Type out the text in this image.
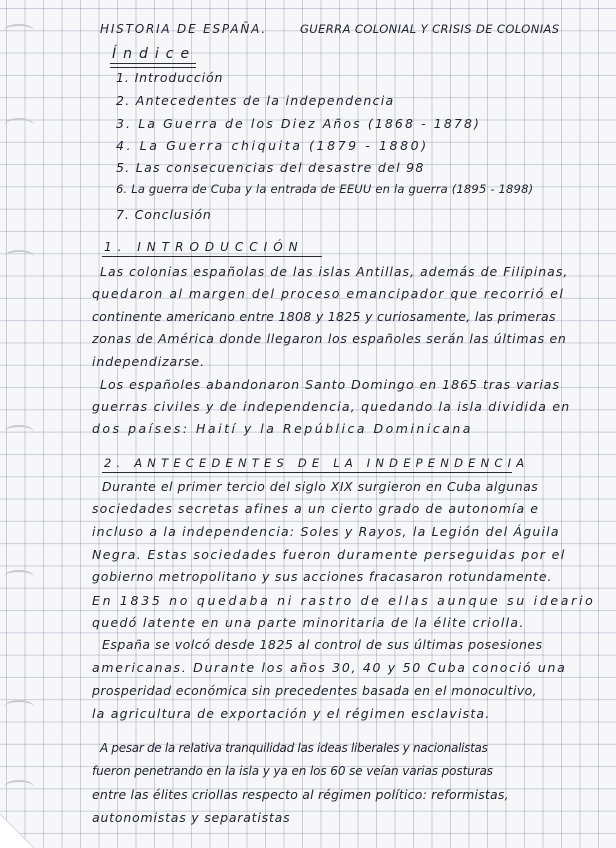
HISTORIA DE ESPAÑA.	GUERRA COLONIAL Y CRISIS DE COLONIAS
Índice
1. Introducción
2. Antecedentes de la independencia
3. La Guerra de los Diez Años (1868 - 1878)
4. La Guerra chiquita (1879 - 1880)
5. Las consecuencias del desastre del 98
6. La guerra de Cuba y la entrada de EEUU en la guerra (1895 - 1898)
7. Conclusión
1. INTRODUCCIÓN
Las colonias españolas de las islas Antillas, además de Filipinas,
quedaron al margen del proceso emancipador que recorrió el
continente americano entre 1808 y 1825 y curiosamente, las primeras
zonas de América donde llegaron los españoles serán las últimas en
independizarse.
Los españoles abandonaron Santo Domingo en 1865 tras varias
guerras civiles y de independencia, quedando la isla dividida en
dos países: Haití y la República Dominicana
2. ANTECEDENTES DE LA INDEPENDENCIA
Durante el primer tercio del siglo XIX surgieron en Cuba algunas
sociedades secretas afines a un cierto grado de autonomía e
incluso a la independencia: Soles y Rayos, la Legión del Águila
Negra. Estas sociedades fueron duramente perseguidas por el
gobierno metropolitano y sus acciones fracasaron rotundamente.
En 1835 no quedaba ni rastro de ellas aunque su ideario
quedó latente en una parte minoritaria de la élite criolla.
España se volcó desde 1825 al control de sus últimas posesiones
americanas. Durante los años 30, 40 y 50 Cuba conoció una
prosperidad económica sin precedentes basada en el monocultivo,
la agricultura de exportación y el régimen esclavista.
A pesar de la relativa tranquilidad las ideas liberales y nacionalistas
fueron penetrando en la isla y ya en los 60 se veían varias posturas
entre las élites criollas respecto al régimen político: reformistas,
autonomistas y separatistas
